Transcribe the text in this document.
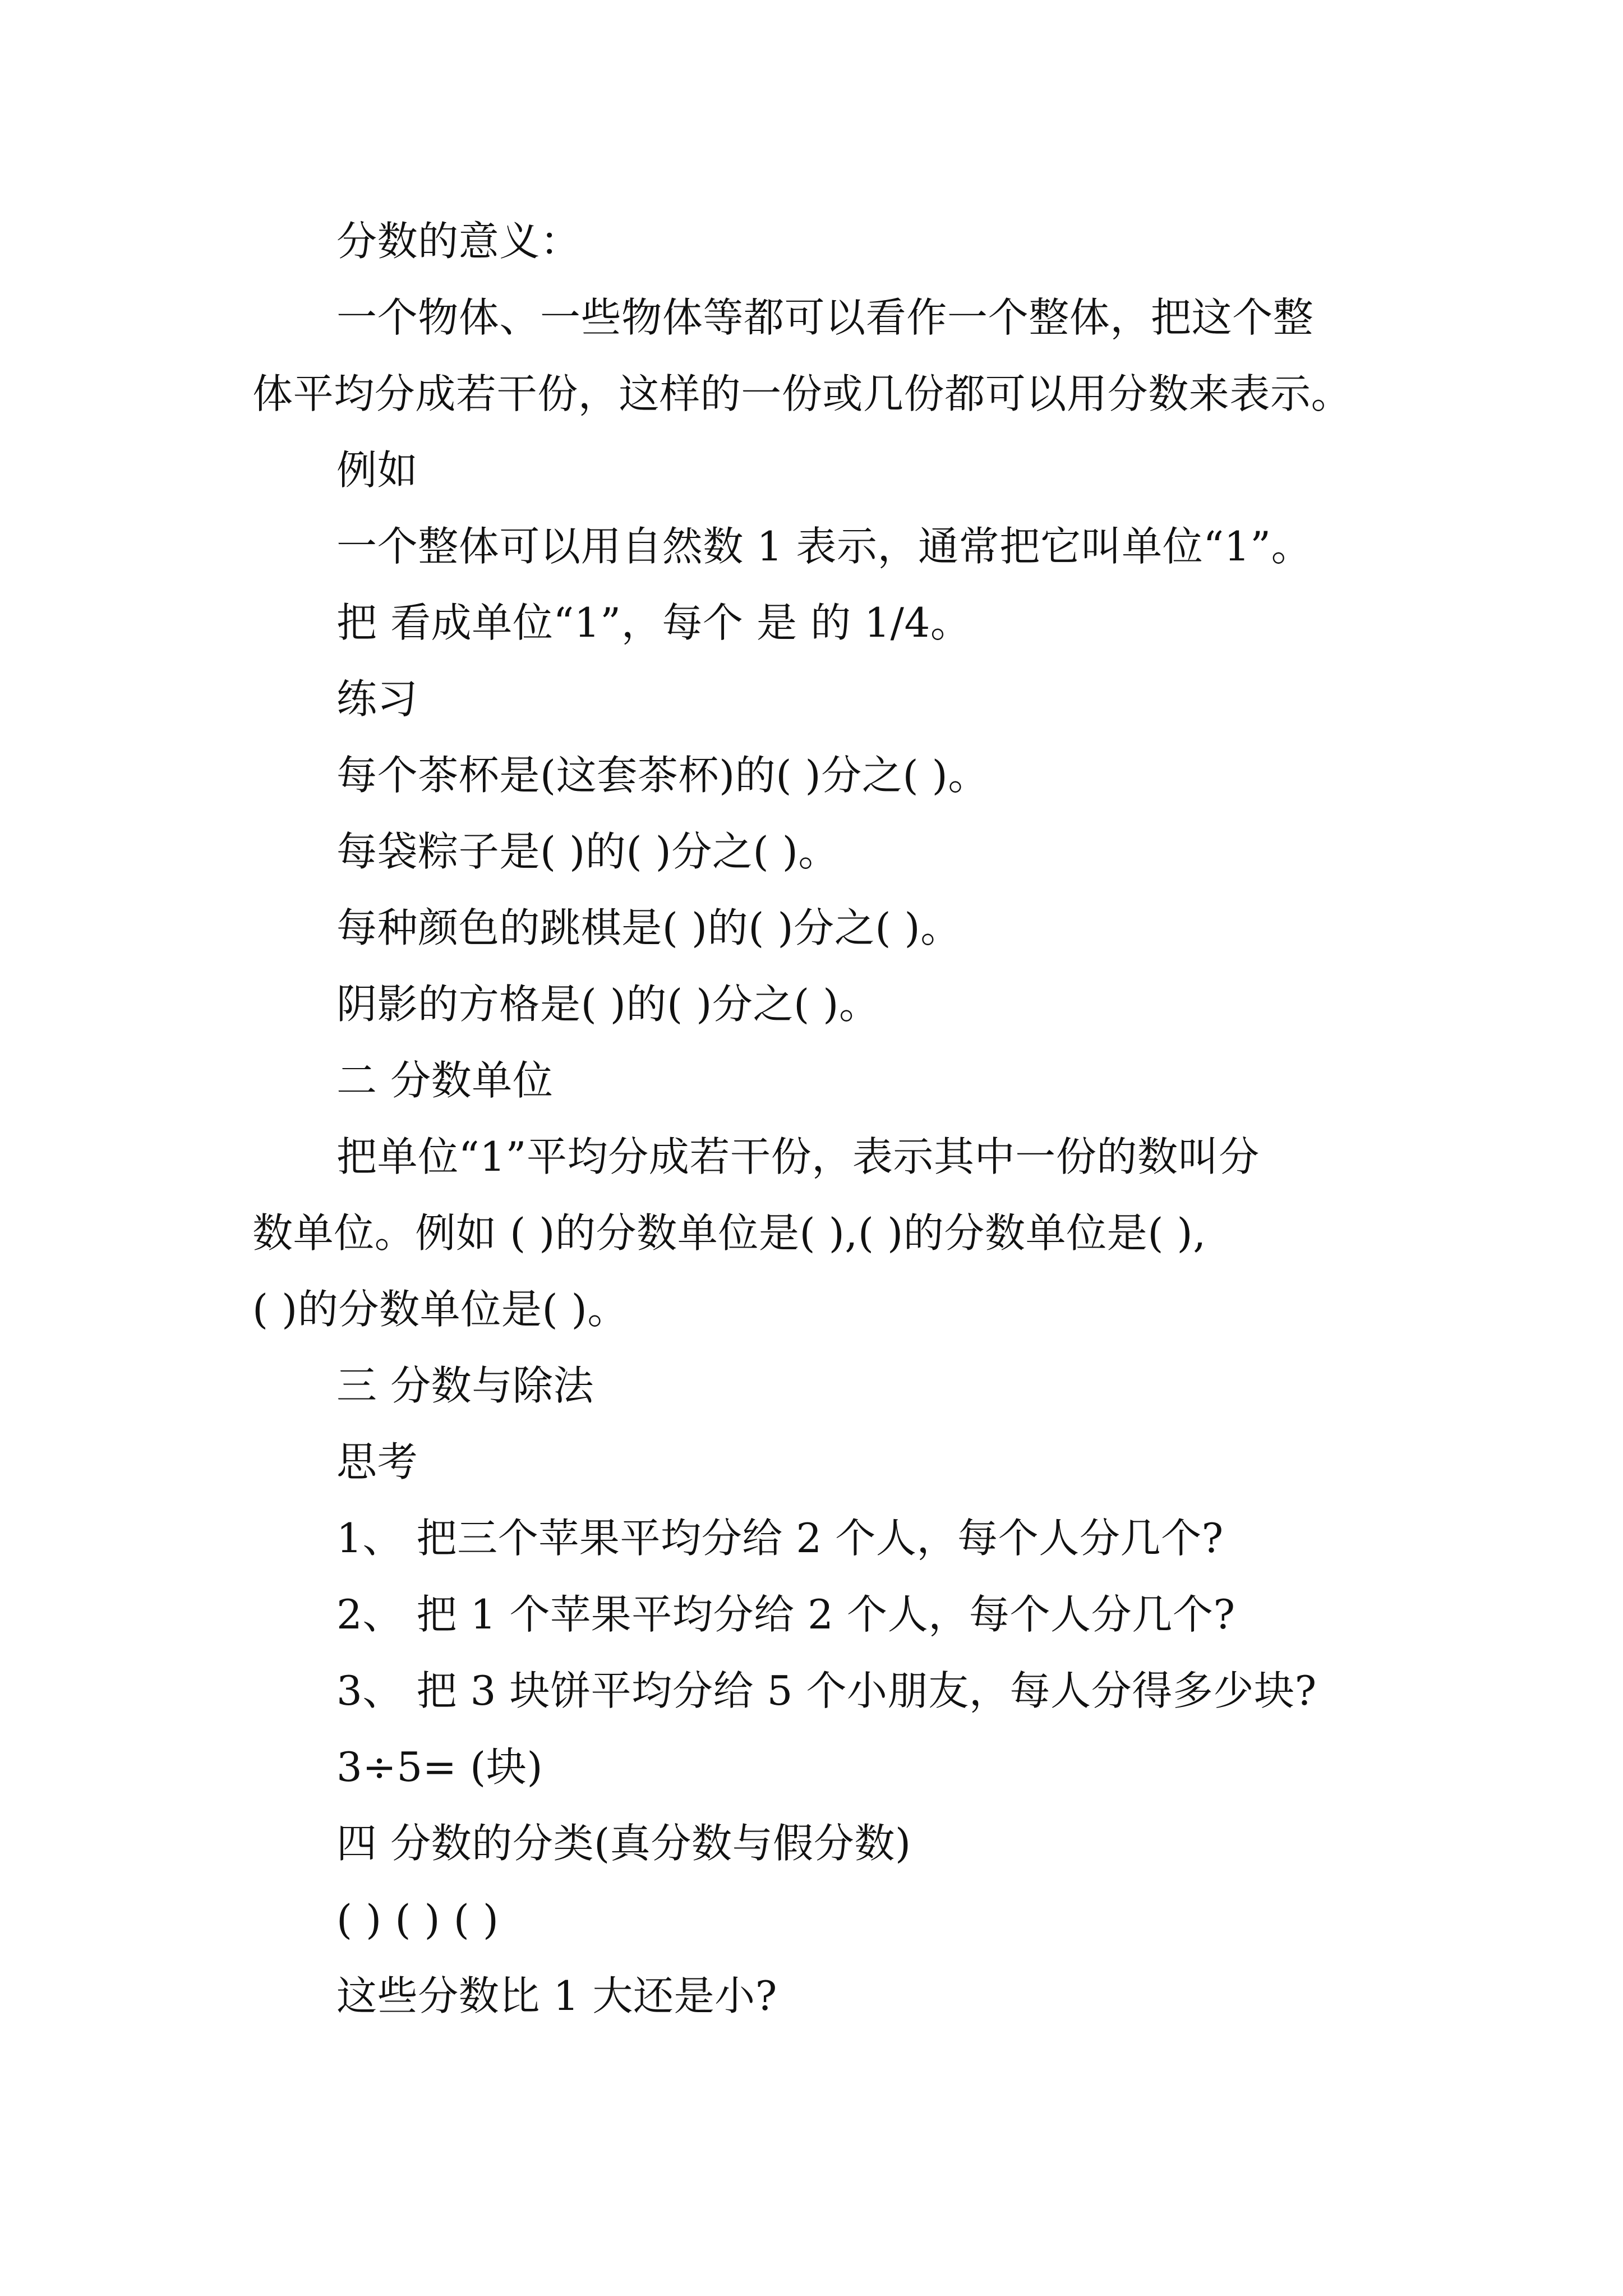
分数的意义：
一个物体、一些物体等都可以看作一个整体，把这个整
体平均分成若干份，这样的一份或几份都可以用分数来表示。
例如
一个整体可以用自然数 1 表示，通常把它叫单位“1”。
把 看成单位“1”，每个 是 的 1/4。
练习
每个茶杯是(这套茶杯)的( )分之( )。
每袋粽子是( )的( )分之( )。
每种颜色的跳棋是( )的( )分之( )。
阴影的方格是( )的( )分之( )。
二 分数单位
把单位“1”平均分成若干份，表示其中一份的数叫分
数单位。例如 ( )的分数单位是( ),( )的分数单位是( ),
( )的分数单位是( )。
三 分数与除法
思考
1、 把三个苹果平均分给 2 个人，每个人分几个?
2、 把 1 个苹果平均分给 2 个人，每个人分几个?
3、 把 3 块饼平均分给 5 个小朋友，每人分得多少块?
3÷5= (块)
四 分数的分类(真分数与假分数)
( ) ( ) ( )
这些分数比 1 大还是小?
